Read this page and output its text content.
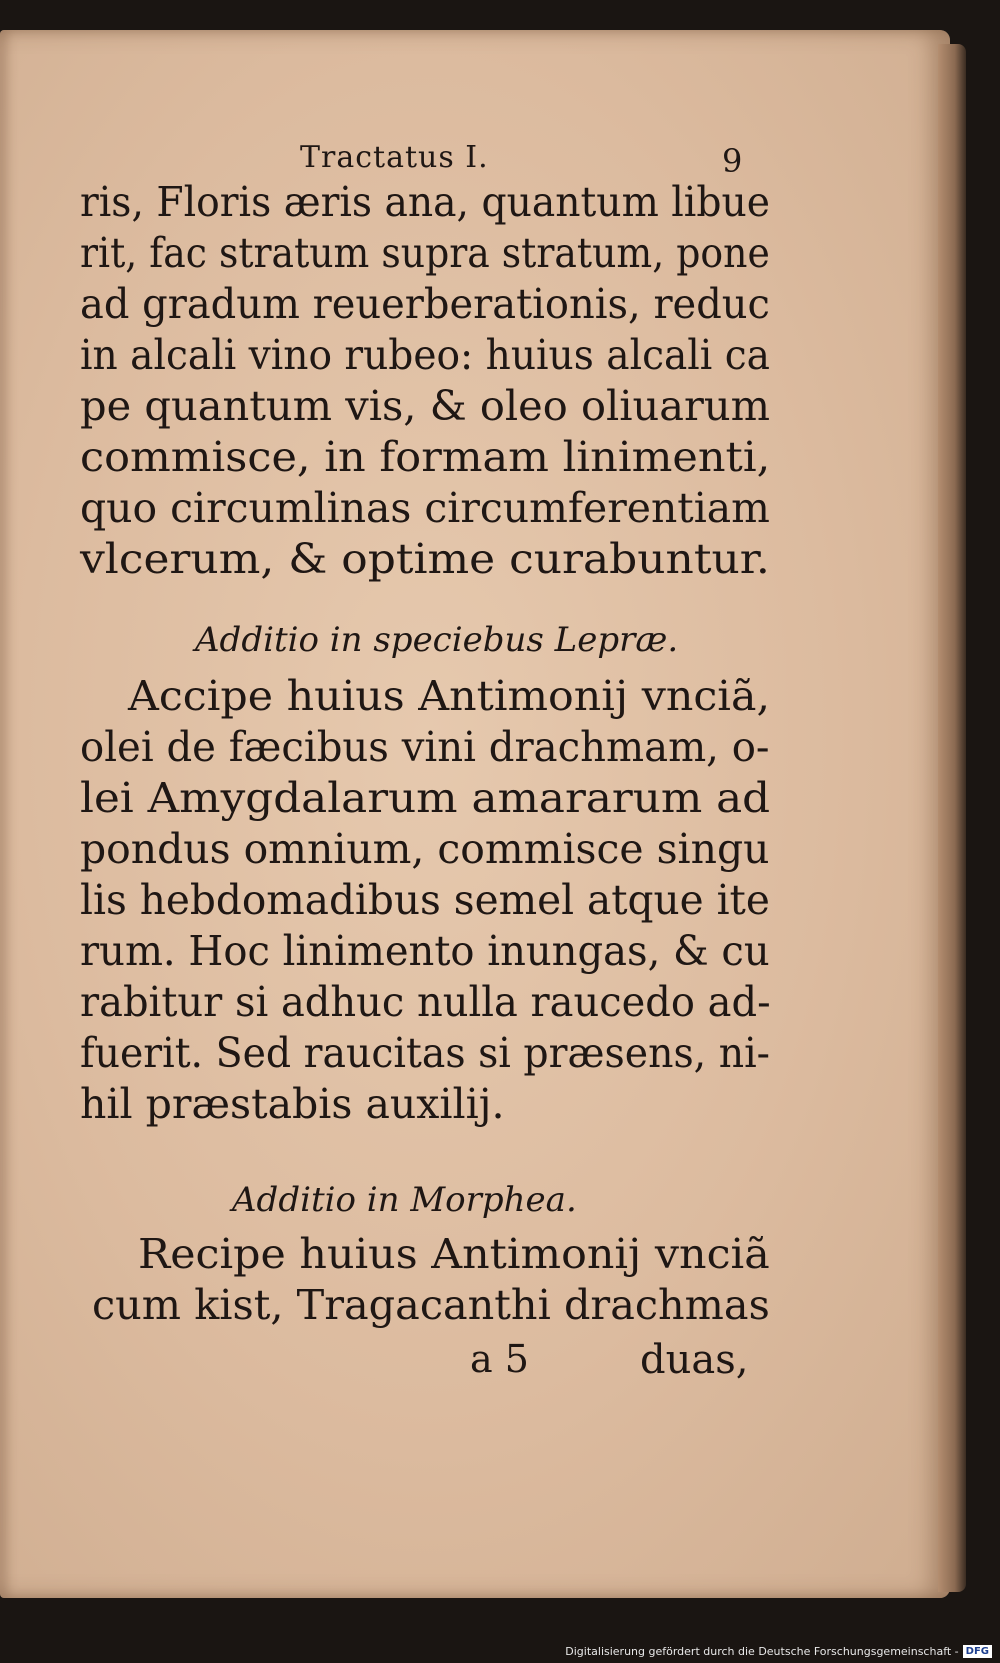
Tractatus I.	9
ris, Floris æris ana, quantum libue
rit, fac stratum supra stratum, pone
ad gradum reuerberationis, reduc
in alcali vino rubeo: huius alcali ca
pe quantum vis, & oleo oliuarum
commisce, in formam linimenti,
quo circumlinas circumferentiam
vlcerum, & optime curabuntur.
Additio in speciebus Lepræ.
Accipe huius Antimonij vnciã,
olei de fæcibus vini drachmam, o-
lei Amygdalarum amararum ad
pondus omnium, commisce singu
lis hebdomadibus semel atque ite
rum. Hoc linimento inungas, & cu
rabitur si adhuc nulla raucedo ad-
fuerit. Sed raucitas si præsens, ni-
hil præstabis auxilij.
Additio in Morphea.
Recipe huius Antimonij vnciã
cum kist, Tragacanthi drachmas
a 5	duas,
Digitalisierung gefördert durch die Deutsche Forschungsgemeinschaft - DFG
